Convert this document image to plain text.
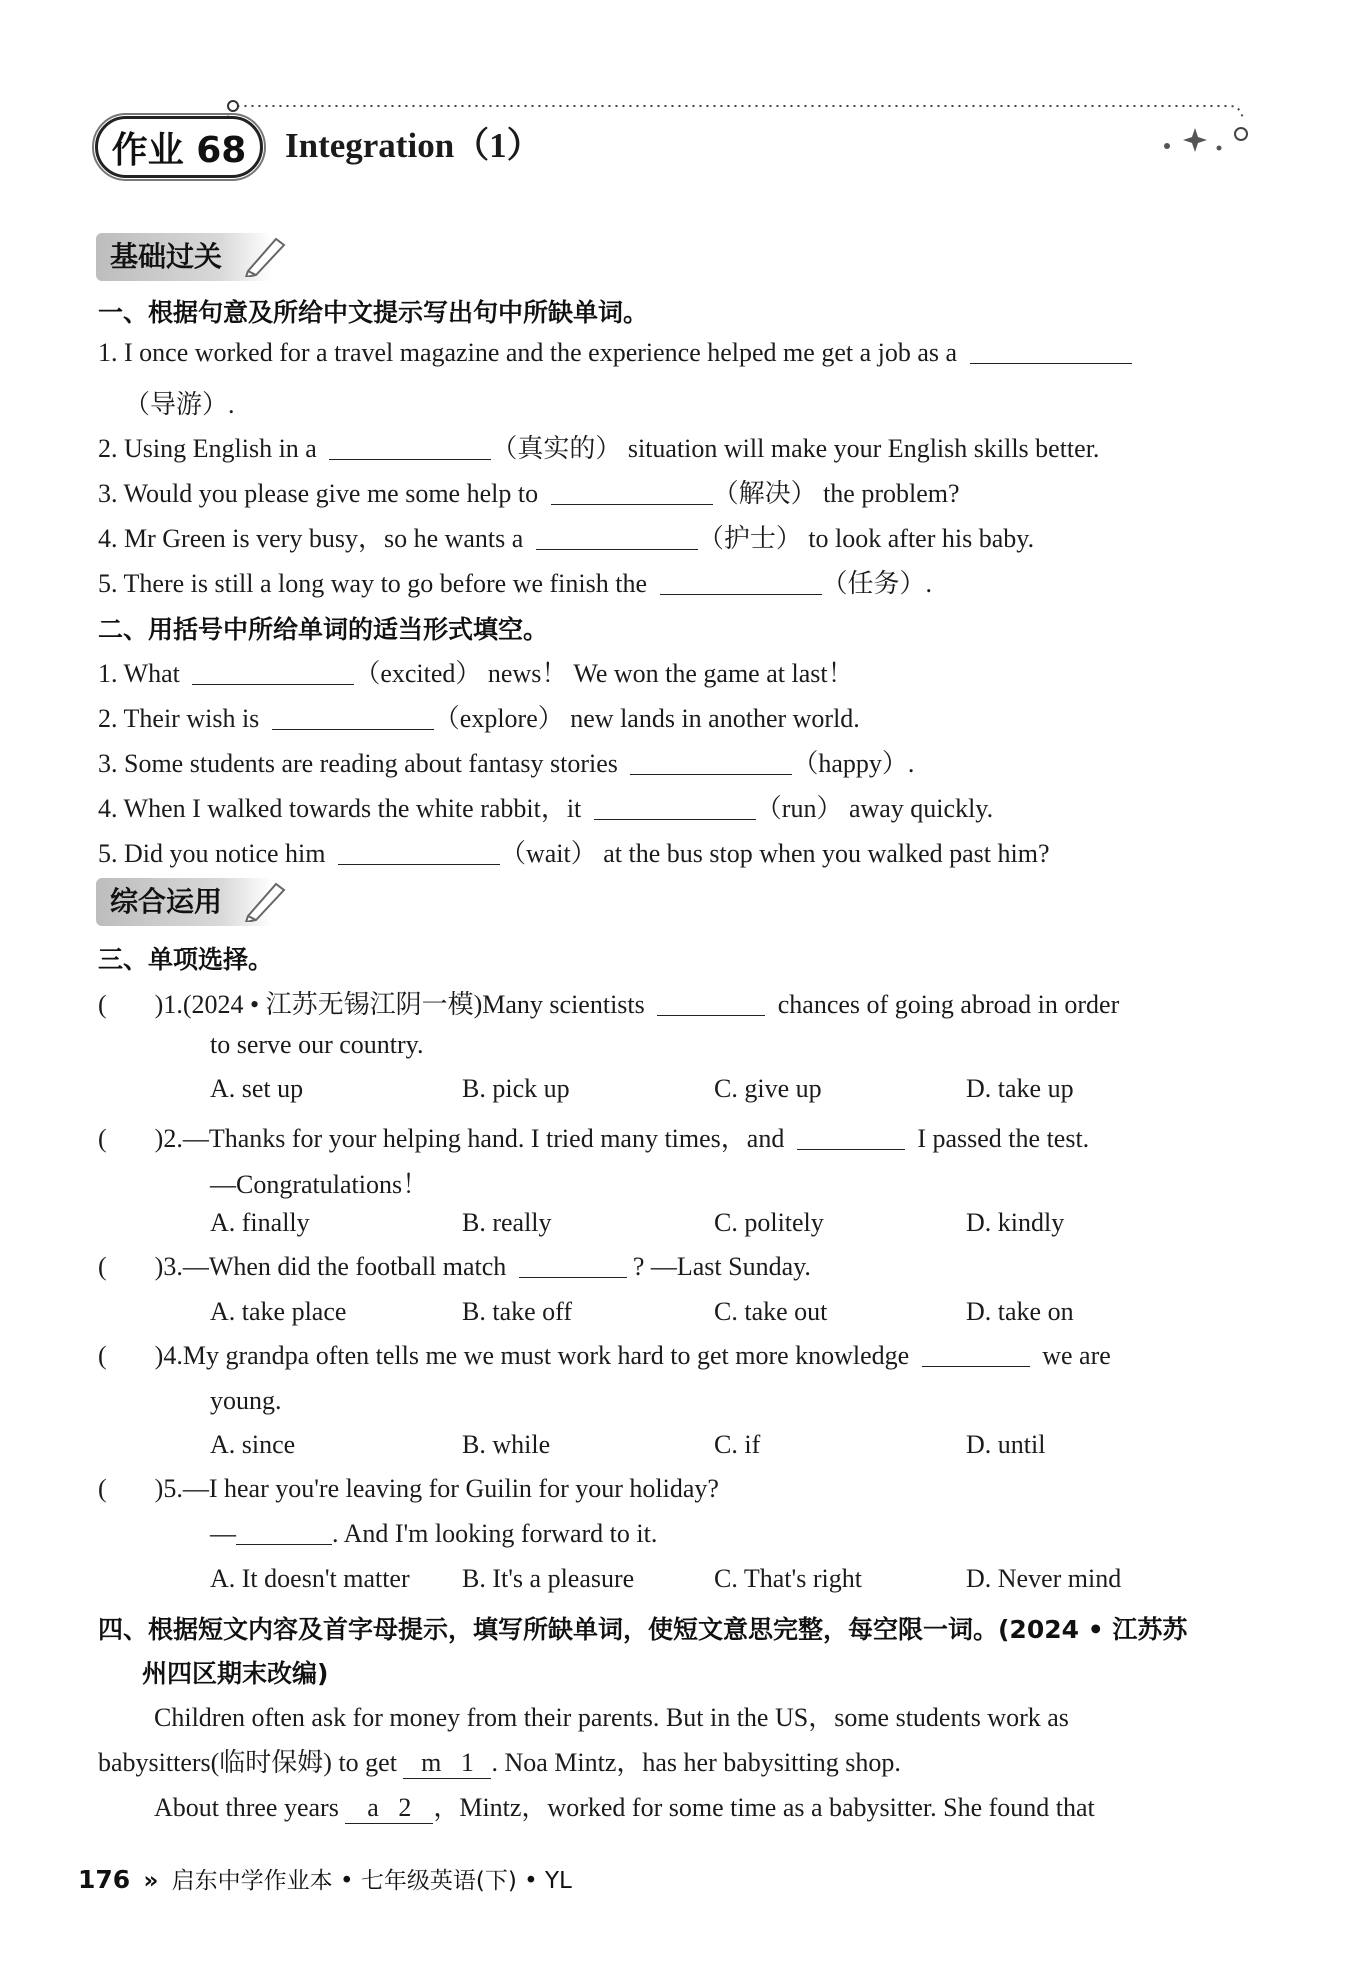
作业 68 Integration（1）
基础过关
一、根据句意及所给中文提示写出句中所缺单词。
1. I once worked for a travel magazine and the experience helped me get a job as a
（导游）.
2. Using English in a	（真实的） situation will make your English skills better.
3. Would you please give me some help to	（解决） the problem?
4. Mr Green is very busy，so he wants a	（护士） to look after his baby.
5. There is still a long way to go before we finish the	（任务）.
二、用括号中所给单词的适当形式填空。
1. What	（excited） news！ We won the game at last！
2. Their wish is	（explore） new lands in another world.
3. Some students are reading about fantasy stories	（happy）.
4. When I walked towards the white rabbit，it	（run） away quickly.
5. Did you notice him	（wait） at the bus stop when you walked past him?
综合运用
三、单项选择。
( )1.(2024 • 江苏无锡江阴一模)Many scientists	chances of going abroad in order
to serve our country.
A. set up	B. pick up	C. give up	D. take up
( )2.—Thanks for your helping hand. I tried many times，and	I passed the test.
—Congratulations！
A. finally	B. really	C. politely	D. kindly
( )3.—When did the football match	? —Last Sunday.
A. take place	B. take off	C. take out	D. take on
( )4.My grandpa often tells me we must work hard to get more knowledge	we are
young.
A. since	B. while	C. if	D. until
( )5.—I hear you're leaving for Guilin for your holiday?
—	. And I'm looking forward to it.
A. It doesn't matter B. It's a pleasure	C. That's right	D. Never mind
四、根据短文内容及首字母提示，填写所缺单词，使短文意思完整，每空限一词。(2024 • 江苏苏
州四区期末改编)
Children often ask for money from their parents. But in the US，some students work as
babysitters(临时保姆) to get m 1 . Noa Mintz，has her babysitting shop.
About three years a 2 ，Mintz，worked for some time as a babysitter. She found that
176 » 启东中学作业本 • 七年级英语(下) • YL
